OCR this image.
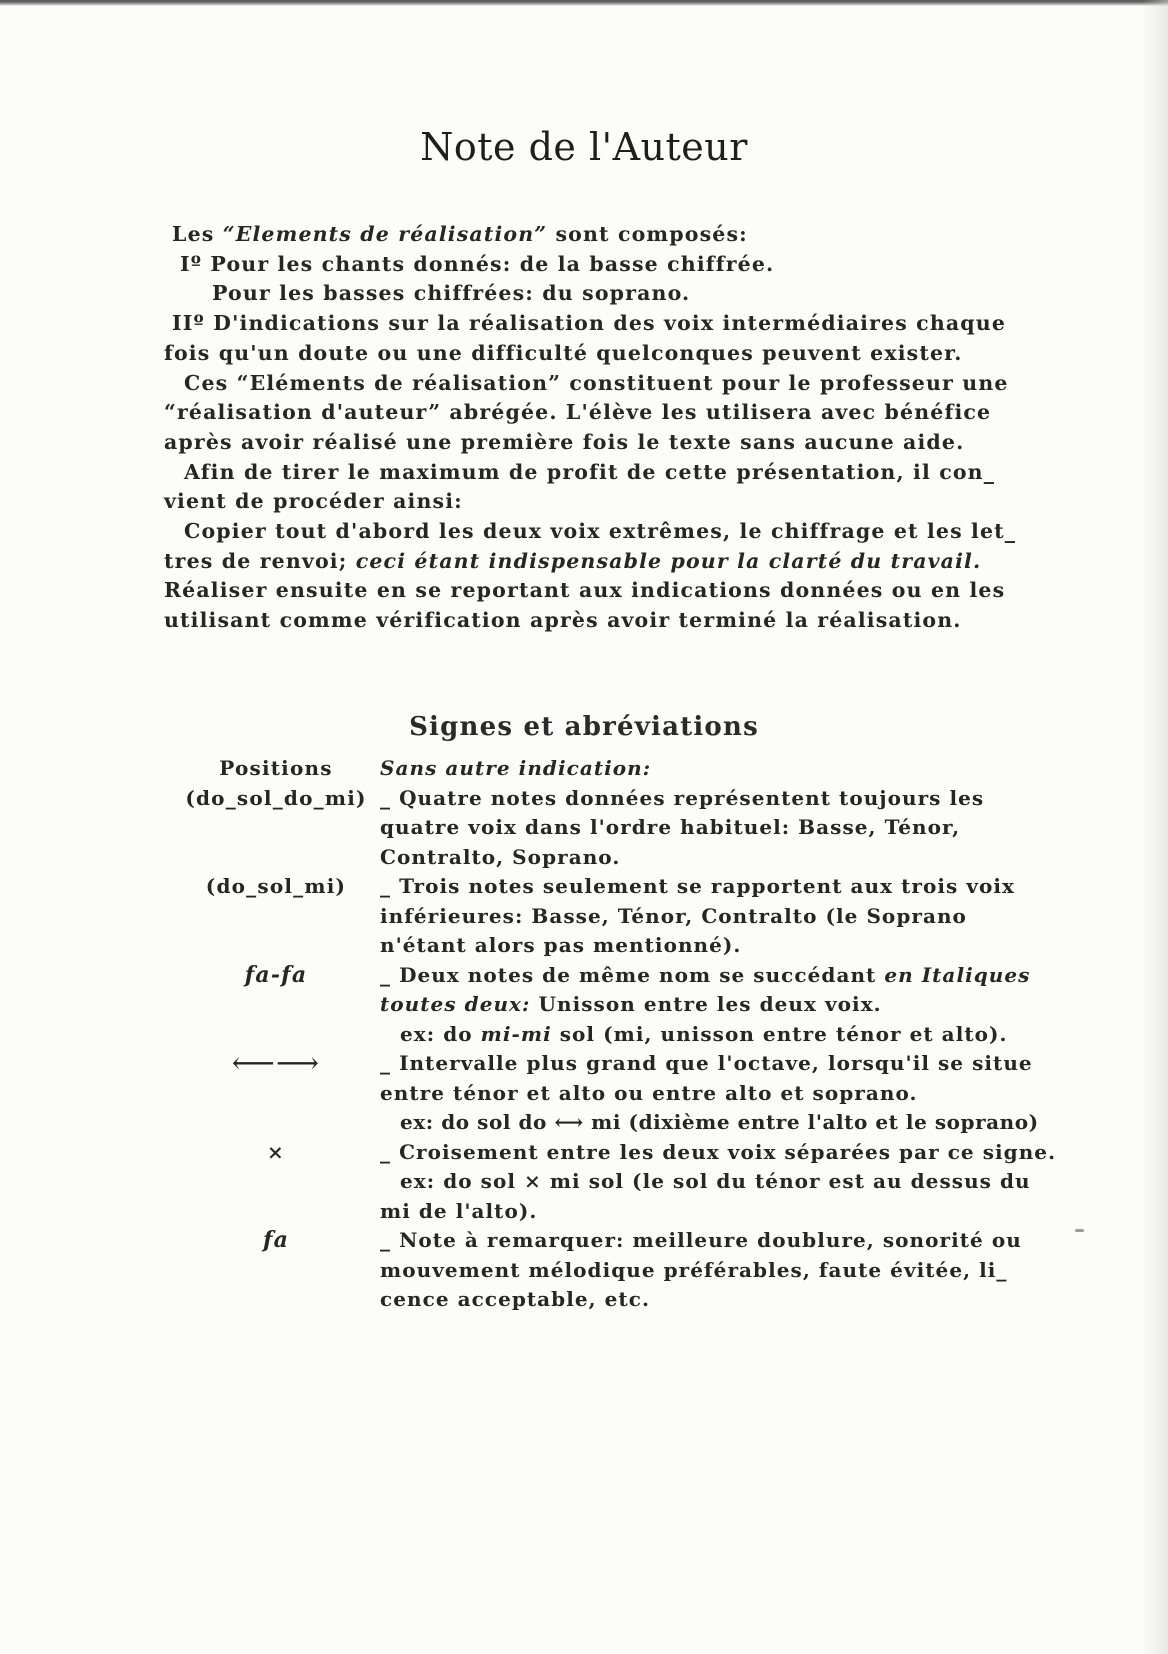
Note de l'Auteur
Les “Elements de réalisation” sont composés:
Iº Pour les chants donnés: de la basse chiffrée.
Pour les basses chiffrées: du soprano.
IIº D'indications sur la réalisation des voix intermédiaires chaque
fois qu'un doute ou une difficulté quelconques peuvent exister.
Ces “Eléments de réalisation” constituent pour le professeur une
“réalisation d'auteur” abrégée. L'élève les utilisera avec bénéfice
après avoir réalisé une première fois le texte sans aucune aide.
Afin de tirer le maximum de profit de cette présentation, il con_
vient de procéder ainsi:
Copier tout d'abord les deux voix extrêmes, le chiffrage et les let_
tres de renvoi; ceci étant indispensable pour la clarté du travail.
Réaliser ensuite en se reportant aux indications données ou en les
utilisant comme vérification après avoir terminé la réalisation.
Signes et abréviations
Positions	Sans autre indication:
(do_sol_do_mi) _ Quatre notes données représentent toujours les
quatre voix dans l'ordre habituel: Basse, Ténor,
Contralto, Soprano.
(do_sol_mi)	_ Trois notes seulement se rapportent aux trois voix
inférieures: Basse, Ténor, Contralto (le Soprano
n'étant alors pas mentionné).
fa-fa	_ Deux notes de même nom se succédant en Italiques
toutes deux: Unisson entre les deux voix.
ex: do mi-mi sol (mi, unisson entre ténor et alto).
⟵⟶	_ Intervalle plus grand que l'octave, lorsqu'il se situe
entre ténor et alto ou entre alto et soprano.
ex: do sol do ⟷ mi (dixième entre l'alto et le soprano)
×	_ Croisement entre les deux voix séparées par ce signe.
ex: do sol × mi sol (le sol du ténor est au dessus du
mi de l'alto).
fa	_ Note à remarquer: meilleure doublure, sonorité ou
mouvement mélodique préférables, faute évitée, li_
cence acceptable, etc.
